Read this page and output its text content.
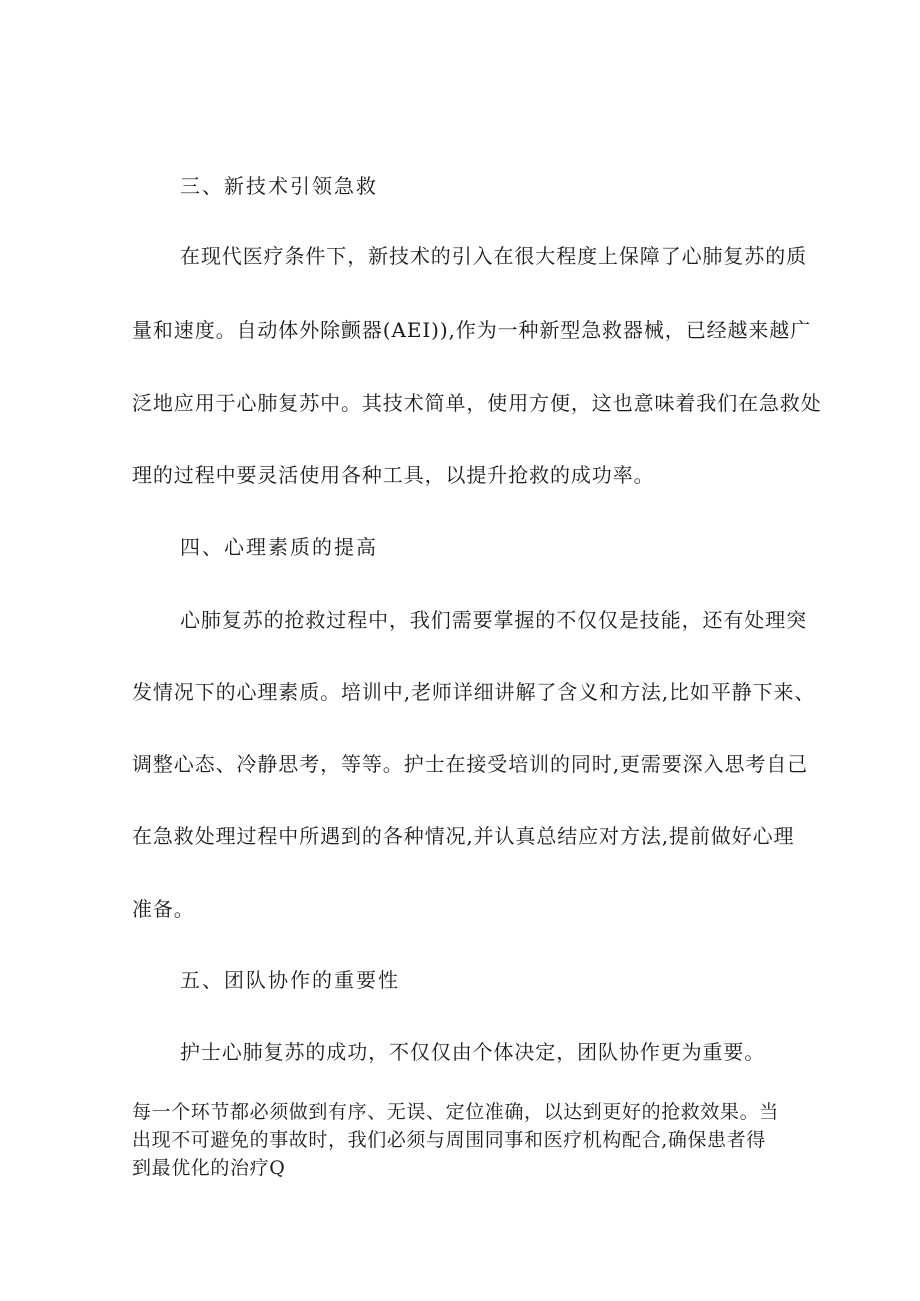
三、新技术引领急救
在现代医疗条件下，新技术的引入在很大程度上保障了心肺复苏的质
量和速度。自动体外除颤器(AEI)),作为一种新型急救器械，已经越来越广
泛地应用于心肺复苏中。其技术简单，使用方便，这也意味着我们在急救处
理的过程中要灵活使用各种工具，以提升抢救的成功率。
四、心理素质的提高
心肺复苏的抢救过程中，我们需要掌握的不仅仅是技能，还有处理突
发情况下的心理素质。培训中,老师详细讲解了含义和方法,比如平静下来、
调整心态、冷静思考，等等。护士在接受培训的同时,更需要深入思考自己
在急救处理过程中所遇到的各种情况,并认真总结应对方法,提前做好心理
准备。
五、团队协作的重要性
护士心肺复苏的成功，不仅仅由个体决定，团队协作更为重要。
每一个环节都必须做到有序、无误、定位准确，以达到更好的抢救效果。当
出现不可避免的事故时，我们必须与周围同事和医疗机构配合,确保患者得
到最优化的治疗Q
